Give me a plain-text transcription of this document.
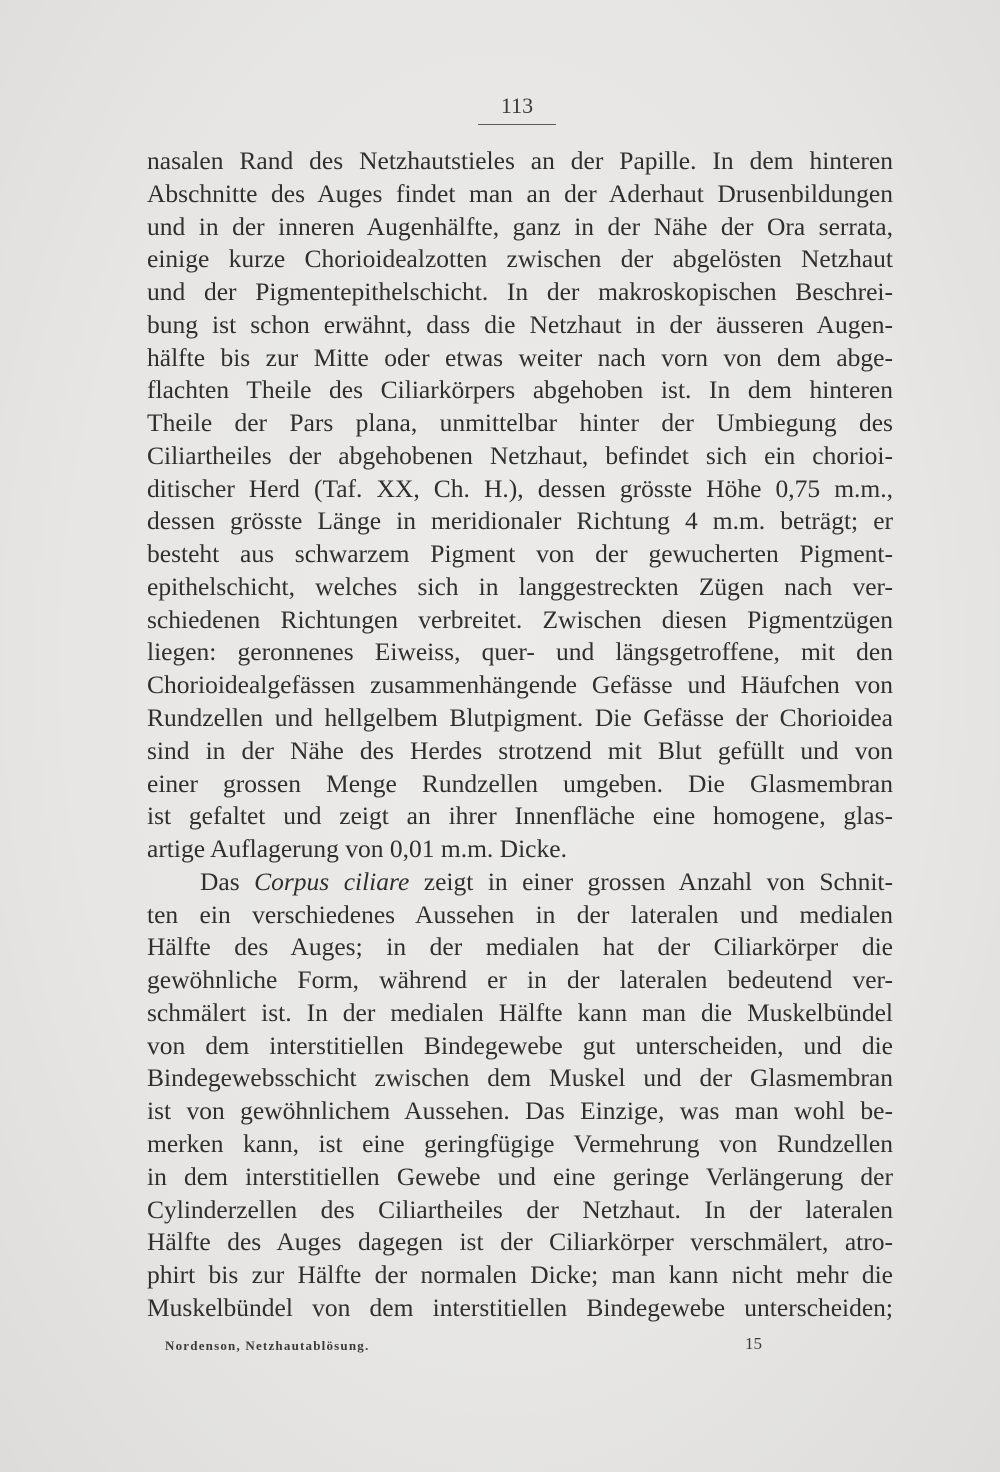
113
nasalen Rand des Netzhautstieles an der Papille. In dem hinteren
Abschnitte des Auges findet man an der Aderhaut Drusenbildungen
und in der inneren Augenhälfte, ganz in der Nähe der Ora serrata,
einige kurze Chorioidealzotten zwischen der abgelösten Netzhaut
und der Pigmentepithelschicht. In der makroskopischen Beschrei-
bung ist schon erwähnt, dass die Netzhaut in der äusseren Augen-
hälfte bis zur Mitte oder etwas weiter nach vorn von dem abge-
flachten Theile des Ciliarkörpers abgehoben ist. In dem hinteren
Theile der Pars plana, unmittelbar hinter der Umbiegung des
Ciliartheiles der abgehobenen Netzhaut, befindet sich ein chorioi-
ditischer Herd (Taf. XX, Ch. H.), dessen grösste Höhe 0,75 m.m.,
dessen grösste Länge in meridionaler Richtung 4 m.m. beträgt; er
besteht aus schwarzem Pigment von der gewucherten Pigment-
epithelschicht, welches sich in langgestreckten Zügen nach ver-
schiedenen Richtungen verbreitet. Zwischen diesen Pigmentzügen
liegen: geronnenes Eiweiss, quer- und längsgetroffene, mit den
Chorioidealgefässen zusammenhängende Gefässe und Häufchen von
Rundzellen und hellgelbem Blutpigment. Die Gefässe der Chorioidea
sind in der Nähe des Herdes strotzend mit Blut gefüllt und von
einer grossen Menge Rundzellen umgeben. Die Glasmembran
ist gefaltet und zeigt an ihrer Innenfläche eine homogene, glas-
artige Auflagerung von 0,01 m.m. Dicke.
Das Corpus ciliare zeigt in einer grossen Anzahl von Schnit-
ten ein verschiedenes Aussehen in der lateralen und medialen
Hälfte des Auges; in der medialen hat der Ciliarkörper die
gewöhnliche Form, während er in der lateralen bedeutend ver-
schmälert ist. In der medialen Hälfte kann man die Muskelbündel
von dem interstitiellen Bindegewebe gut unterscheiden, und die
Bindegewebsschicht zwischen dem Muskel und der Glasmembran
ist von gewöhnlichem Aussehen. Das Einzige, was man wohl be-
merken kann, ist eine geringfügige Vermehrung von Rundzellen
in dem interstitiellen Gewebe und eine geringe Verlängerung der
Cylinderzellen des Ciliartheiles der Netzhaut. In der lateralen
Hälfte des Auges dagegen ist der Ciliarkörper verschmälert, atro-
phirt bis zur Hälfte der normalen Dicke; man kann nicht mehr die
Muskelbündel von dem interstitiellen Bindegewebe unterscheiden;
Nordenson, Netzhautablösung.	15
